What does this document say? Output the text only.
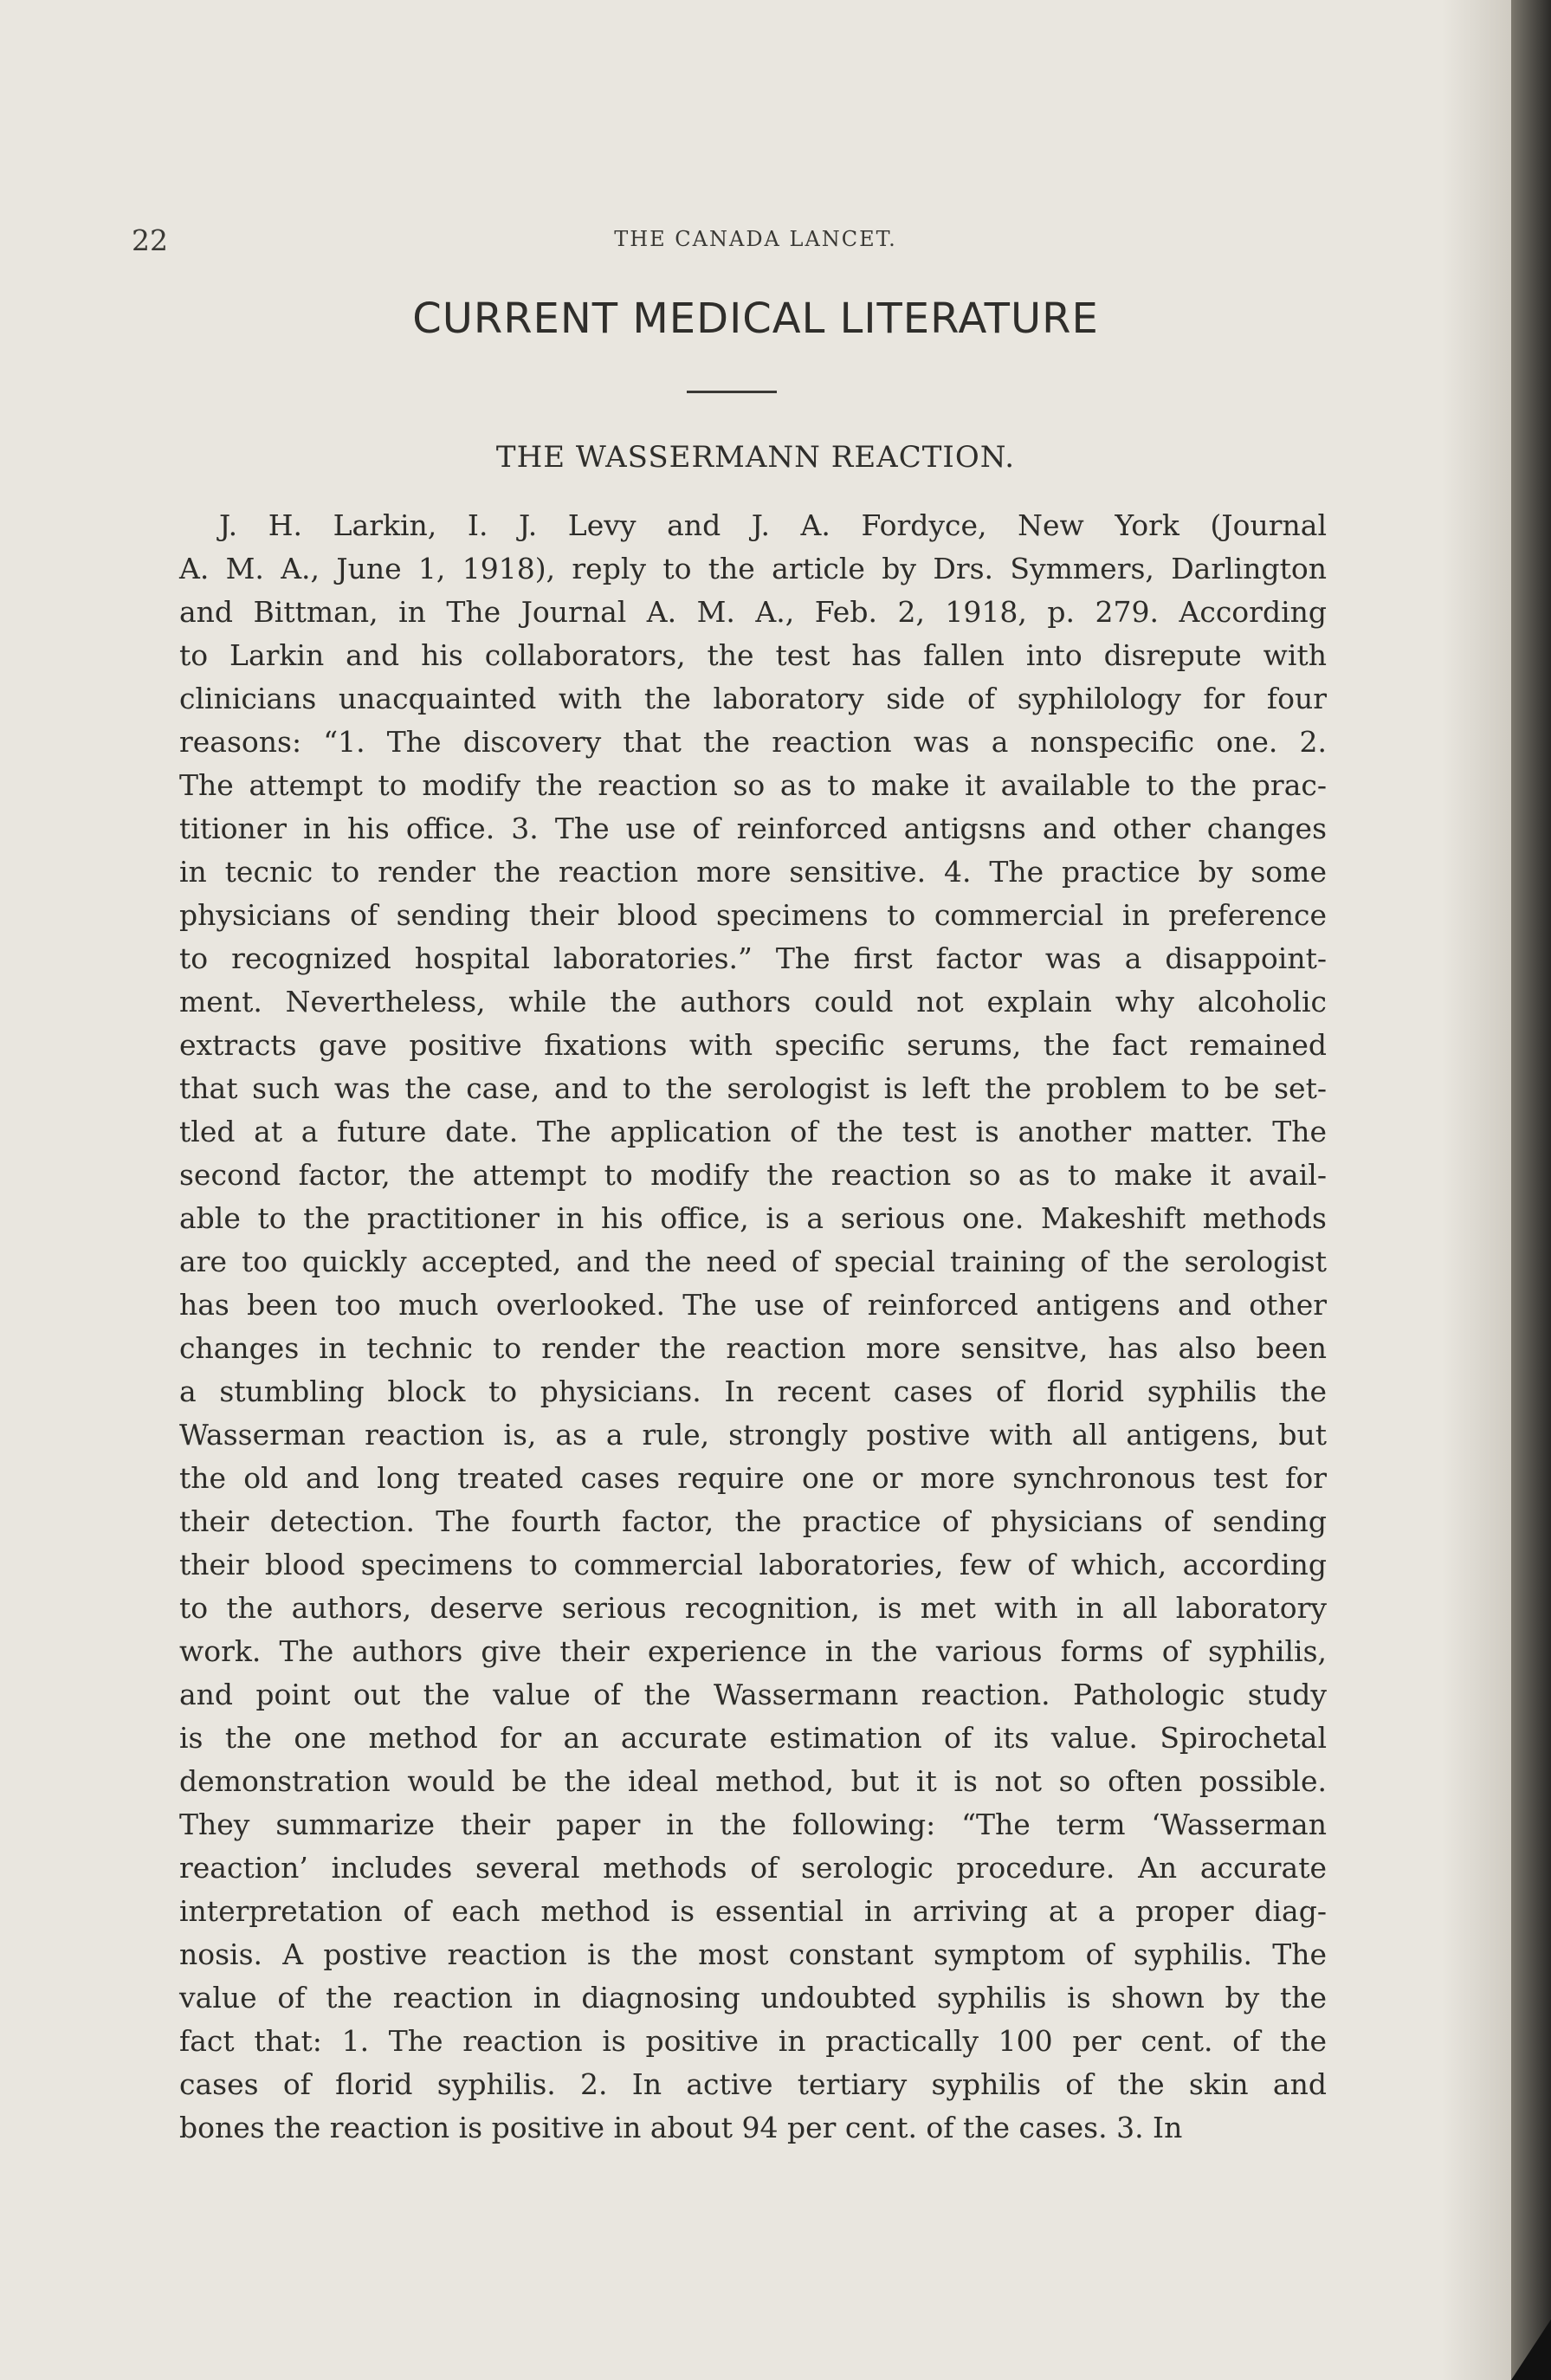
22	THE CANADA LANCET.
CURRENT MEDICAL LITERATURE
THE WASSERMANN REACTION.
J. H. Larkin, I. J. Levy and J. A. Fordyce, New York (Journal
A. M. A., June 1, 1918), reply to the article by Drs. Symmers, Darlington
and Bittman, in The Journal A. M. A., Feb. 2, 1918, p. 279. According
to Larkin and his collaborators, the test has fallen into disrepute with
clinicians unacquainted with the laboratory side of syphilology for four
reasons: “1. The discovery that the reaction was a nonspecific one. 2.
The attempt to modify the reaction so as to make it available to the prac-
titioner in his office. 3. The use of reinforced antigsns and other changes
in tecnic to render the reaction more sensitive. 4. The practice by some
physicians of sending their blood specimens to commercial in preference
to recognized hospital laboratories.” The first factor was a disappoint-
ment. Nevertheless, while the authors could not explain why alcoholic
extracts gave positive fixations with specific serums, the fact remained
that such was the case, and to the serologist is left the problem to be set-
tled at a future date. The application of the test is another matter. The
second factor, the attempt to modify the reaction so as to make it avail-
able to the practitioner in his office, is a serious one. Makeshift methods
are too quickly accepted, and the need of special training of the serologist
has been too much overlooked. The use of reinforced antigens and other
changes in technic to render the reaction more sensitve, has also been
a stumbling block to physicians. In recent cases of florid syphilis the
Wasserman reaction is, as a rule, strongly postive with all antigens, but
the old and long treated cases require one or more synchronous test for
their detection. The fourth factor, the practice of physicians of sending
their blood specimens to commercial laboratories, few of which, according
to the authors, deserve serious recognition, is met with in all laboratory
work. The authors give their experience in the various forms of syphilis,
and point out the value of the Wassermann reaction. Pathologic study
is the one method for an accurate estimation of its value. Spirochetal
demonstration would be the ideal method, but it is not so often possible.
They summarize their paper in the following: “The term ‘Wasserman
reaction’ includes several methods of serologic procedure. An accurate
interpretation of each method is essential in arriving at a proper diag-
nosis. A postive reaction is the most constant symptom of syphilis. The
value of the reaction in diagnosing undoubted syphilis is shown by the
fact that: 1. The reaction is positive in practically 100 per cent. of the
cases of florid syphilis. 2. In active tertiary syphilis of the skin and
bones the reaction is positive in about 94 per cent. of the cases. 3. In
